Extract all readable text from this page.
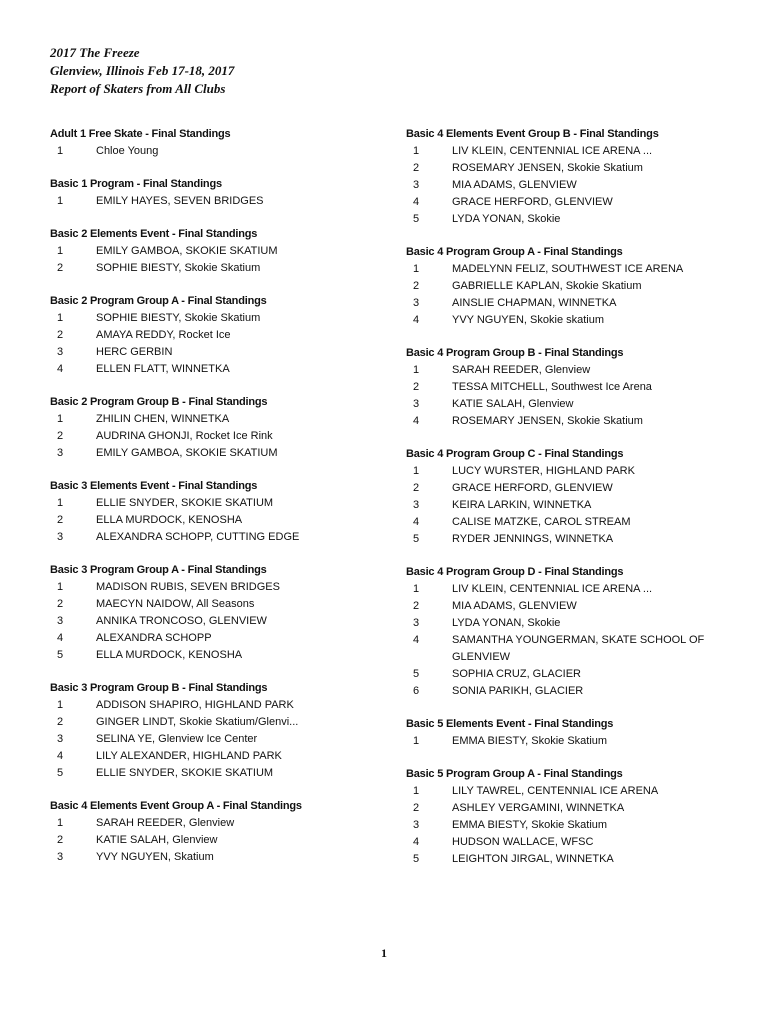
2017 The Freeze
Glenview, Illinois Feb 17-18, 2017
Report of Skaters from All Clubs
Adult 1 Free Skate - Final Standings
1	Chloe Young
Basic 1 Program - Final Standings
1	EMILY HAYES, SEVEN BRIDGES
Basic 2 Elements Event - Final Standings
1	EMILY GAMBOA, SKOKIE SKATIUM
2	SOPHIE BIESTY, Skokie Skatium
Basic 2 Program Group A - Final Standings
1	SOPHIE BIESTY, Skokie Skatium
2	AMAYA REDDY, Rocket Ice
3	HERC GERBIN
4	ELLEN FLATT, WINNETKA
Basic 2 Program Group B - Final Standings
1	ZHILIN CHEN, WINNETKA
2	AUDRINA GHONJI, Rocket Ice Rink
3	EMILY GAMBOA, SKOKIE SKATIUM
Basic 3 Elements Event - Final Standings
1	ELLIE SNYDER, SKOKIE SKATIUM
2	ELLA MURDOCK, KENOSHA
3	ALEXANDRA SCHOPP, CUTTING EDGE
Basic 3 Program Group A - Final Standings
1	MADISON RUBIS, SEVEN BRIDGES
2	MAECYN NAIDOW, All Seasons
3	ANNIKA TRONCOSO, GLENVIEW
4	ALEXANDRA SCHOPP
5	ELLA MURDOCK, KENOSHA
Basic 3 Program Group B - Final Standings
1	ADDISON SHAPIRO, HIGHLAND PARK
2	GINGER LINDT, Skokie Skatium/Glenvi...
3	SELINA YE, Glenview Ice Center
4	LILY ALEXANDER, HIGHLAND PARK
5	ELLIE SNYDER, SKOKIE SKATIUM
Basic 4 Elements Event Group A - Final Standings
1	SARAH REEDER, Glenview
2	KATIE SALAH, Glenview
3	YVY NGUYEN, Skatium
Basic 4 Elements Event Group B - Final Standings
1	LIV KLEIN, CENTENNIAL ICE ARENA ...
2	ROSEMARY JENSEN, Skokie Skatium
3	MIA ADAMS, GLENVIEW
4	GRACE HERFORD, GLENVIEW
5	LYDA YONAN, Skokie
Basic 4 Program Group A - Final Standings
1	MADELYNN FELIZ, SOUTHWEST ICE ARENA
2	GABRIELLE KAPLAN, Skokie Skatium
3	AINSLIE CHAPMAN, WINNETKA
4	YVY NGUYEN, Skokie skatium
Basic 4 Program Group B - Final Standings
1	SARAH REEDER, Glenview
2	TESSA MITCHELL, Southwest Ice Arena
3	KATIE SALAH, Glenview
4	ROSEMARY JENSEN, Skokie Skatium
Basic 4 Program Group C - Final Standings
1	LUCY WURSTER, HIGHLAND PARK
2	GRACE HERFORD, GLENVIEW
3	KEIRA LARKIN, WINNETKA
4	CALISE MATZKE, CAROL STREAM
5	RYDER JENNINGS, WINNETKA
Basic 4 Program Group D - Final Standings
1	LIV KLEIN, CENTENNIAL ICE ARENA ...
2	MIA ADAMS, GLENVIEW
3	LYDA YONAN, Skokie
4	SAMANTHA YOUNGERMAN, SKATE SCHOOL OF GLENVIEW
5	SOPHIA CRUZ, GLACIER
6	SONIA PARIKH, GLACIER
Basic 5 Elements Event - Final Standings
1	EMMA BIESTY, Skokie Skatium
Basic 5 Program Group A - Final Standings
1	LILY TAWREL, CENTENNIAL ICE ARENA
2	ASHLEY VERGAMINI, WINNETKA
3	EMMA BIESTY, Skokie Skatium
4	HUDSON WALLACE, WFSC
5	LEIGHTON JIRGAL, WINNETKA
1
